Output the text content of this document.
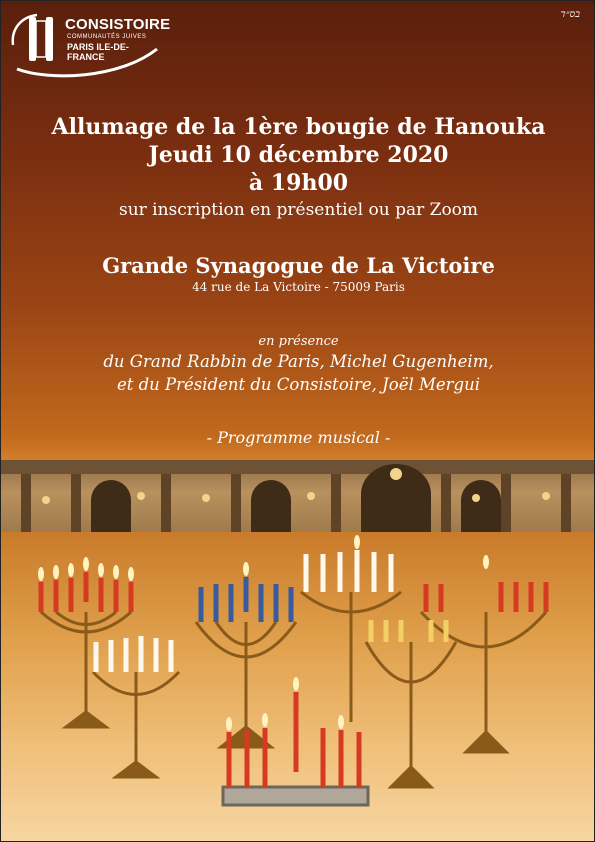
CONSISTOIRE
COMMUNAUTÉS JUIVES
PARIS ILE-DE-FRANCE
בס״ד
Allumage de la 1ère bougie de Hanouka
Jeudi 10 décembre 2020
à 19h00
sur inscription en présentiel ou par Zoom
Grande Synagogue de La Victoire
44 rue de La Victoire - 75009 Paris
en présence
du Grand Rabbin de Paris, Michel Gugenheim,
et du Président du Consistoire, Joël Mergui
- Programme musical -
